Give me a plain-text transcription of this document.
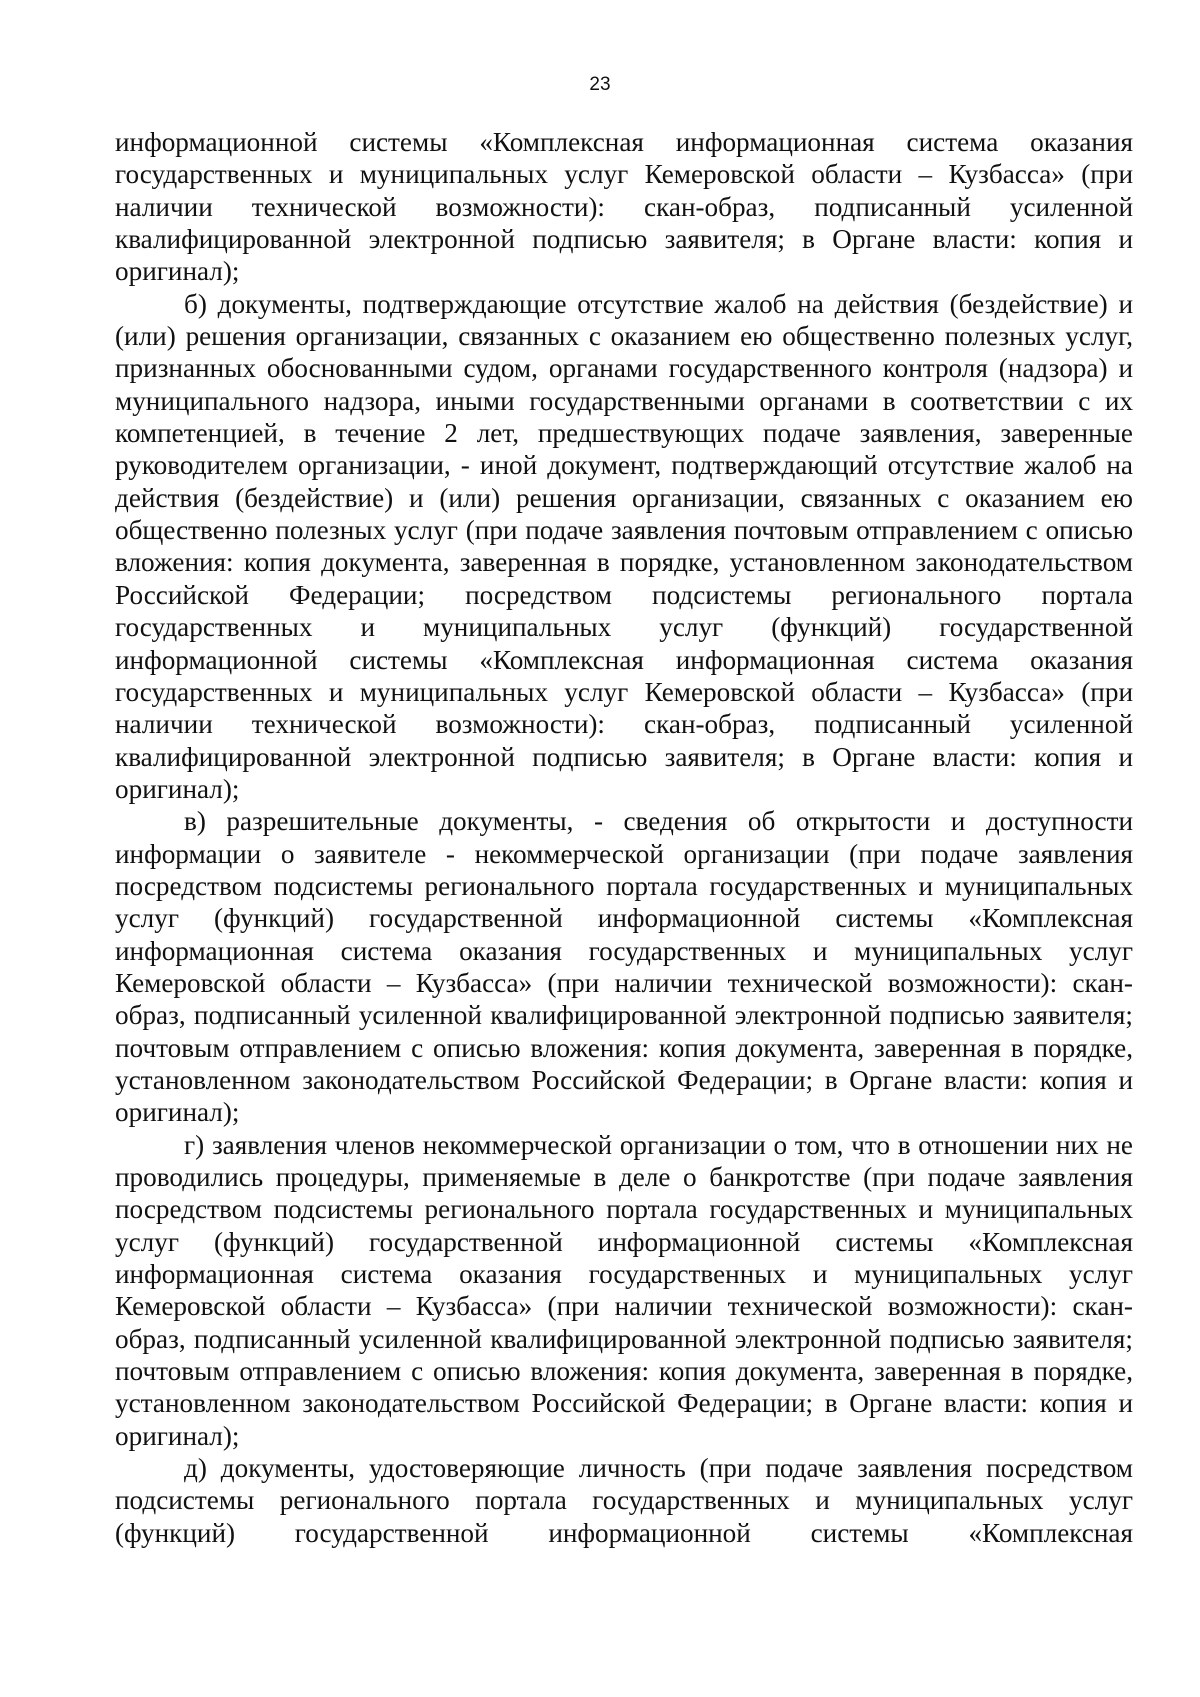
23

информационной системы «Комплексная информационная система оказания государственных и муниципальных услуг Кемеровской области – Кузбасса» (при наличии технической возможности): скан-образ, подписанный усиленной квалифицированной электронной подписью заявителя; в Органе власти: копия и оригинал);

б) документы, подтверждающие отсутствие жалоб на действия (бездействие) и (или) решения организации, связанных с оказанием ею общественно полезных услуг, признанных обоснованными судом, органами государственного контроля (надзора) и муниципального надзора, иными государственными органами в соответствии с их компетенцией, в течение 2 лет, предшествующих подаче заявления, заверенные руководителем организации, - иной документ, подтверждающий отсутствие жалоб на действия (бездействие) и (или) решения организации, связанных с оказанием ею общественно полезных услуг (при подаче заявления почтовым отправлением с описью вложения: копия документа, заверенная в порядке, установленном законодательством Российской Федерации; посредством подсистемы регионального портала государственных и муниципальных услуг (функций) государственной информационной системы «Комплексная информационная система оказания государственных и муниципальных услуг Кемеровской области – Кузбасса» (при наличии технической возможности): скан-образ, подписанный усиленной квалифицированной электронной подписью заявителя; в Органе власти: копия и оригинал);

в) разрешительные документы, - сведения об открытости и доступности информации о заявителе - некоммерческой организации (при подаче заявления посредством подсистемы регионального портала государственных и муниципальных услуг (функций) государственной информационной системы «Комплексная информационная система оказания государственных и муниципальных услуг Кемеровской области – Кузбасса» (при наличии технической возможности): скан-образ, подписанный усиленной квалифицированной электронной подписью заявителя; почтовым отправлением с описью вложения: копия документа, заверенная в порядке, установленном законодательством Российской Федерации; в Органе власти: копия и оригинал);

г) заявления членов некоммерческой организации о том, что в отношении них не проводились процедуры, применяемые в деле о банкротстве (при подаче заявления посредством подсистемы регионального портала государственных и муниципальных услуг (функций) государственной информационной системы «Комплексная информационная система оказания государственных и муниципальных услуг Кемеровской области – Кузбасса» (при наличии технической возможности): скан-образ, подписанный усиленной квалифицированной электронной подписью заявителя; почтовым отправлением с описью вложения: копия документа, заверенная в порядке, установленном законодательством Российской Федерации; в Органе власти: копия и оригинал);

д) документы, удостоверяющие личность (при подаче заявления посредством подсистемы регионального портала государственных и муниципальных услуг (функций) государственной информационной системы «Комплексная
